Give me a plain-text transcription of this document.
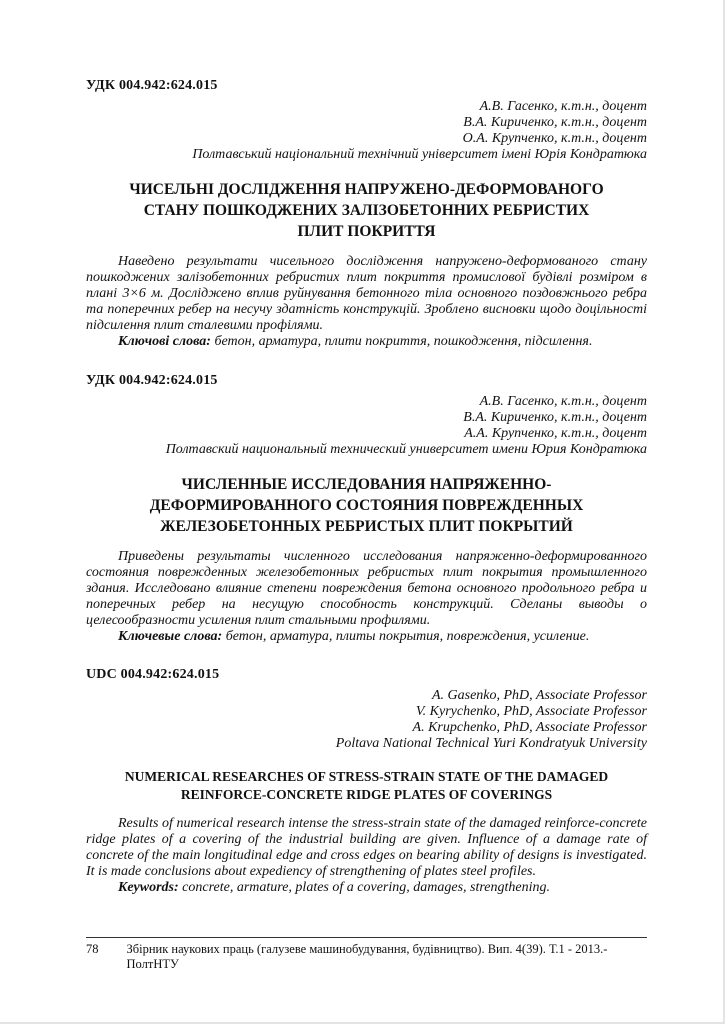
УДК 004.942:624.015

А.В. Гасенко, к.т.н., доцент

В.А. Кириченко, к.т.н., доцент

О.А. Крупченко, к.т.н., доцент

Полтавський національний технічний університет імені Юрія Кондратюка

ЧИСЕЛЬНІ ДОСЛІДЖЕННЯ НАПРУЖЕНО-ДЕФОРМОВАНОГО СТАНУ ПОШКОДЖЕНИХ ЗАЛІЗОБЕТОННИХ РЕБРИСТИХ ПЛИТ ПОКРИТТЯ

Наведено результати чисельного дослідження напружено-деформованого стану пошкоджених залізобетонних ребристих плит покриття промислової будівлі розміром в плані 3×6 м. Досліджено вплив руйнування бетонного тіла основного поздовжнього ребра та поперечних ребер на несучу здатність конструкцій. Зроблено висновки щодо доцільності підсилення плит сталевими профілями.

Ключові слова: бетон, арматура, плити покриття, пошкодження, підсилення.

УДК 004.942:624.015

А.В. Гасенко, к.т.н., доцент

В.А. Кириченко, к.т.н., доцент

А.А. Крупченко, к.т.н., доцент

Полтавский национальный технический университет имени Юрия Кондратюка

ЧИСЛЕННЫЕ ИССЛЕДОВАНИЯ НАПРЯЖЕННО-ДЕФОРМИРОВАННОГО СОСТОЯНИЯ ПОВРЕЖДЕННЫХ ЖЕЛЕЗОБЕТОННЫХ РЕБРИСТЫХ ПЛИТ ПОКРЫТИЙ

Приведены результаты численного исследования напряженно-деформированного состояния поврежденных железобетонных ребристых плит покрытия промышленного здания. Исследовано влияние степени повреждения бетона основного продольного ребра и поперечных ребер на несущую способность конструкций. Сделаны выводы о целесообразности усиления плит стальными профилями.

Ключевые слова: бетон, арматура, плиты покрытия, повреждения, усиление.

UDC 004.942:624.015

A. Gasenko, PhD, Associate Professor

V. Kyrychenko, PhD, Associate Professor

A. Krupchenko, PhD, Associate Professor

Poltava National Technical Yuri Kondratyuk University

NUMERICAL RESEARCHES OF STRESS-STRAIN STATE OF THE DAMAGED REINFORCE-CONCRETE RIDGE PLATES OF COVERINGS

Results of numerical research intense the stress-strain state of the damaged reinforce-concrete ridge plates of a covering of the industrial building are given. Influence of a damage rate of concrete of the main longitudinal edge and cross edges on bearing ability of designs is investigated. It is made conclusions about expediency of strengthening of plates steel profiles.

Keywords: concrete, armature, plates of a covering, damages, strengthening.

78 Збірник наукових праць (галузеве машинобудування, будівництво). Вип. 4(39). Т.1 - 2013.- ПолтНТУ
